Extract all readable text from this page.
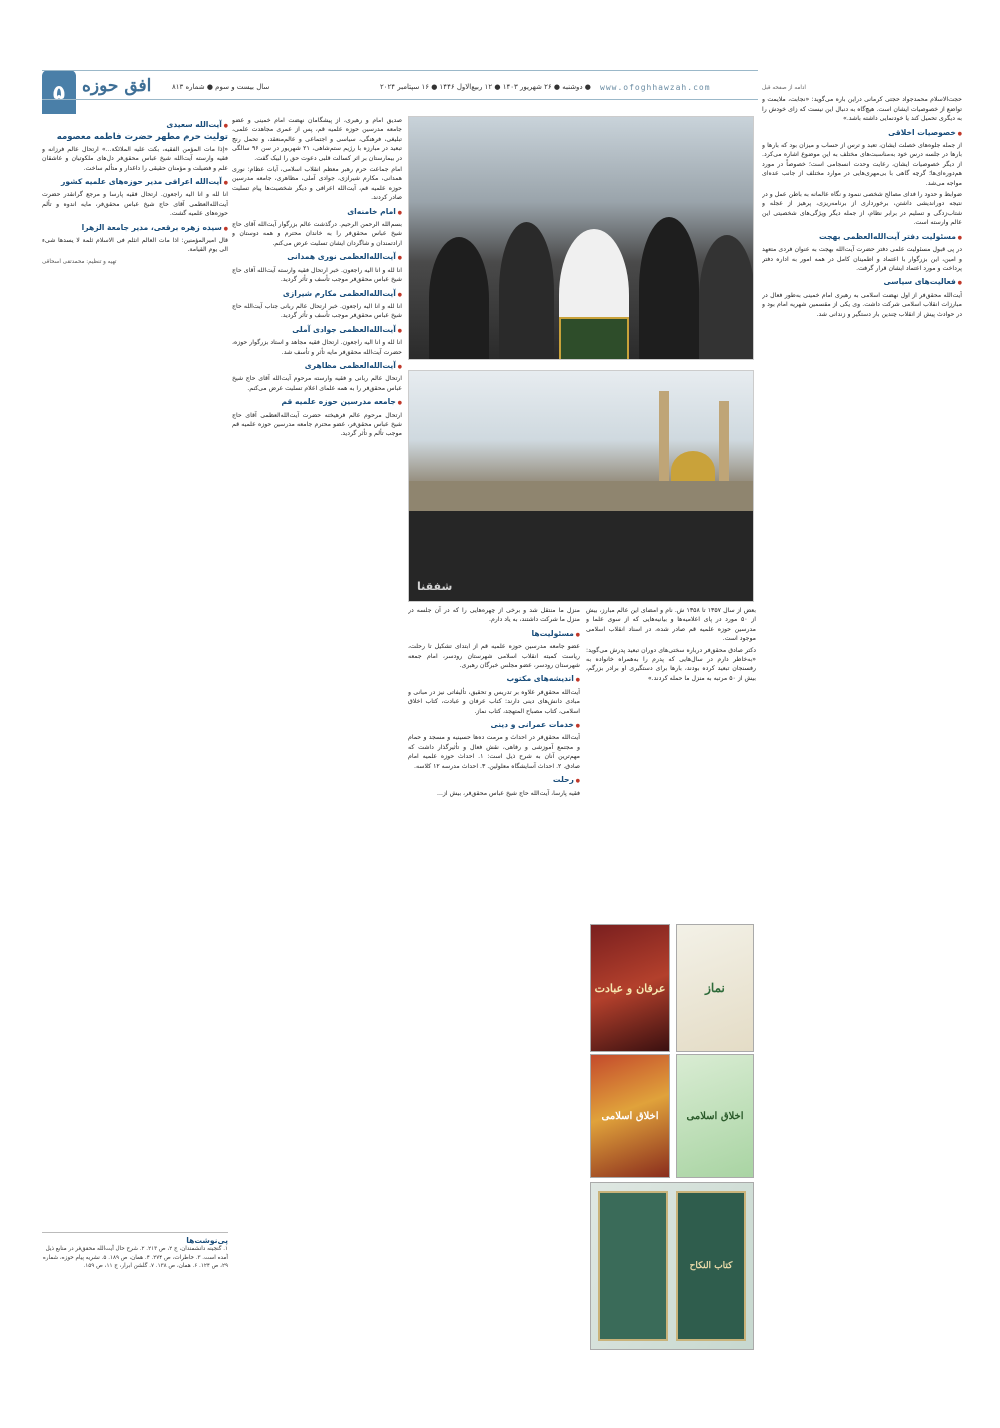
۵ افق حوزه	سال بیست و سوم ● شماره ۸۱۳	● دوشنبه ● ۲۶ شهریور ۱۴۰۳ ● ۱۲ ربیع‌الاول ۱۴۴۶ ● ۱۶ سپتامبر ۲۰۲۴ www.ofoghhawzah.com	ادامه از صفحه قبل

حجت‌الاسلام محمدجواد حجتی کرمانی دراین باره می‌گوید: «نجابت، ملایمت و تواضع از خصوصیات ایشان است. هیچ‌گاه به دنبال این نیست که زای خودش را به دیگری تحمیل کند یا خودنمایی داشته باشد.»

● خصوصیات اخلاقی

از جمله جلوه‌های خصلت ایشان، تعبد و ترس از حساب و میزان بود که بارها و بارها در جلسه درس خود به‌مناسبت‌های مختلف به این موضوع اشاره می‌کرد. از دیگر خصوصیات ایشان، رعایت وحدت انسجامی است؛ خصوصاً در مورد هم‌دوره‌ای‌ها؛ گرچه گاهی با بی‌مهری‌هایی در موارد مختلف از جانب عده‌ای مواجه می‌شد.

ضوابط و حدود را فدای مصالح شخصی ننمود و نگاه عالمانه به باطن عمل و در نتیجه دوراندیشی داشتن، برخورداری از برنامه‌ریزی، پرهیز از عجله و شتاب‌زدگی و تسلیم در برابر نظام، از جمله دیگر ویژگی‌های شخصیتی این عالم وارسته است.

● مسئولیت دفتر آیت‌الله‌العظمی بهجت

در پی قبول مسئولیت علمی دفتر حضرت آیت‌الله بهجت به عنوان فردی متعهد و امین، این بزرگوار با اعتماد و اطمینان کامل در همه امور به اداره دفتر پرداخت و مورد اعتماد ایشان قرار گرفت.

● فعالیت‌های سیاسی

آیت‌الله محقق‌فر از اول نهضت اسلامی به رهبری امام خمینی به‌طور فعال در مبارزات انقلاب اسلامی شرکت داشت. وی یکی از مقسمین شهریه امام بود و در حوادث پیش از انقلاب چندین بار دستگیر و زندانی شد.

شفقنا

صدیق امام و رهبری، از پیشگامان نهضت امام خمینی و عضو جامعه مدرسین حوزه علمیه قم، پس از عمری مجاهدت علمی، تبلیغی، فرهنگی، سیاسی و اجتماعی و عالم‌منعقد، و تحمل رنج تبعید در مبارزه با رژیم ستم‌شاهی، ۲۱ شهریور در سن ۹۶ سالگی در بیمارستان بر اثر کسالت قلبی دعوت حق را لبیک گفت.

امام جماعت حرم رهبر معظم انقلاب اسلامی، آیات عظام: نوری همدانی، مکارم شیرازی، جوادی آملی، مظاهری، جامعه مدرسین حوزه علمیه قم، آیت‌الله اعرافی و دیگر شخصیت‌ها پیام تسلیت صادر کردند.

● امام خامنه‌ای

بسم‌الله الرحمن الرحیم. درگذشت عالم بزرگوار آیت‌الله آقای حاج شیخ عباس محقق‌فر را به خاندان محترم و همه دوستان و ارادتمندان و شاگردان ایشان تسلیت عرض می‌کنم.

● آیت‌الله‌العظمی نوری همدانی

انا لله و انا الیه راجعون. خبر ارتحال فقیه وارسته آیت‌الله آقای حاج شیخ عباس محقق‌فر موجب تأسف و تأثر گردید.

● آیت‌الله‌العظمی مکارم شیرازی

انا لله و انا الیه راجعون. خبر ارتحال عالم ربانی جناب آیت‌الله حاج شیخ عباس محقق‌فر موجب تأسف و تأثر گردید.

● آیت‌الله‌العظمی جوادی آملی

انا لله و انا الیه راجعون. ارتحال فقیه مجاهد و استاد بزرگوار حوزه، حضرت آیت‌الله محقق‌فر مایه تأثر و تأسف شد.

● آیت‌الله‌العظمی مظاهری

ارتحال عالم ربانی و فقیه وارسته مرحوم آیت‌الله آقای حاج شیخ عباس محقق‌فر را به همه علمای اعلام تسلیت عرض می‌کنم.

● جامعه مدرسین حوزه علمیه قم

ارتحال مرحوم عالم فرهیخته حضرت آیت‌الله‌العظمی آقای حاج شیخ عباس محقق‌فر، عضو محترم جامعه مدرسین حوزه علمیه قم موجب تألم و تأثر گردید.

بعض از سال ۱۳۵۷ تا ۱۳۵۸ ش. نام و امضای این عالم مبارز، بیش از ۵۰ مورد در پای اعلامیه‌ها و بیانیه‌هایی که از سوی علما و مدرسین حوزه علمیه قم صادر شده، در اسناد انقلاب اسلامی موجود است.

دکتر صادق محقق‌فر درباره سختی‌های دوران تبعید پدرش می‌گوید: «به‌خاطر دارم در سال‌هایی که پدرم را به‌همراه خانواده به رفسنجان تبعید کرده بودند، بارها برای دستگیری او برادر بزرگم، بیش از ۵۰ مرتبه به منزل ما حمله کردند.»

منزل ما منتقل شد و برخی از چهره‌هایی را که در آن جلسه در منزل ما شرکت داشتند، به یاد دارم.

● مسئولیت‌ها

عضو جامعه مدرسین حوزه علمیه قم از ابتدای تشکیل تا رحلت، ریاست کمیته انقلاب اسلامی شهرستان رودسر، امام جمعه شهرستان رودسر، عضو مجلس خبرگان رهبری.

● اندیشه‌های مکتوب

آیت‌الله محقق‌فر علاوه بر تدریس و تحقیق، تألیفاتی نیز در مبانی و مبادی دانش‌های دینی دارند: کتاب عرفان و عبادت، کتاب اخلاق اسلامی، کتاب مصباح المتهجد، کتاب نماز.

● خدمات عمرانی و دینی

آیت‌الله محقق‌فر در احداث و مرمت ده‌ها حسینیه و مسجد و حمام و مجتمع آموزشی و رفاهی، نقش فعال و تأثیرگذار داشت که مهم‌ترین آنان به شرح ذیل است: ۱. احداث حوزه علمیه امام صادق. ۲. احداث آسایشگاه معلولین. ۳. احداث مدرسه ۱۲ کلاسه.

● رحلت

فقیه پارسا، آیت‌الله حاج شیخ عباس محقق‌فر، بیش از...

عرفان و عبادت	نماز
اخلاق اسلامی	اخلاق اسلامی
کتاب النکاح
● آیت‌الله سعیدی
تولیت حرم مطهر حضرت فاطمه معصومه

«إذا مات المؤمن الفقیه، بکت علیه الملائکة...» ارتحال عالم فرزانه و فقیه وارسته آیت‌الله شیخ عباس محقق‌فر دل‌های ملکوتیان و عاشقان علم و فضیلت و مؤمنان حقیقی را داغدار و متألم ساخت.

● آیت‌الله اعرافی مدیر حوزه‌های علمیه کشور

انا لله و انا الیه راجعون. ارتحال فقیه پارسا و مرجع گرانقدر حضرت آیت‌الله‌العظمی آقای حاج شیخ عباس محقق‌فر، مایه اندوه و تألم حوزه‌های علمیه گشت.

● سیده زهره برقعی، مدیر جامعة الزهرا

قال امیرالمؤمنین: اذا مات العالم انثلم فی الاسلام ثلمة لا یسدها شیء الی یوم القیامة.

تهیه و تنظیم: محمدتقی اسحاقی
پی‌نوشت‌ها

۱. گنجینه دانشمندان، ج ۲، ص ۲۱۳. ۲. شرح حال آیت‌الله محقق‌فر در منابع ذیل آمده است. ۳. خاطرات، ص ۲۷۴. ۴. همان، ص ۱۸۹. ۵. نشریه پیام حوزه، شماره ۲۹، ص ۱۲۴. ۶. همان، ص ۱۳۸. ۷. گلشن ابرار، ج ۱۱، ص ۱۵۹.
